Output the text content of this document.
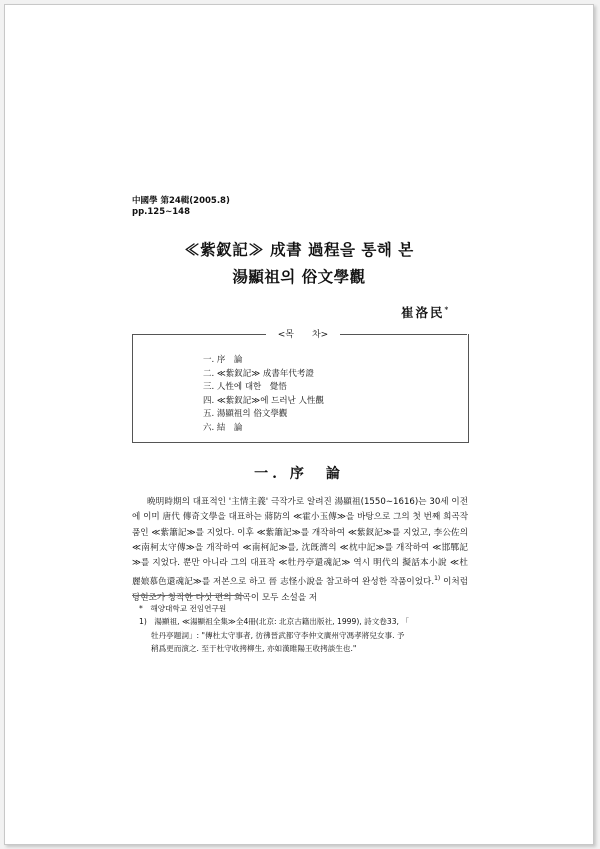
中國學 第24輯(2005.8)
pp.125∼148
≪紫釵記≫ 成書 過程을 통해 본
湯顯祖의 俗文學觀
崔洛民*
<목　　차>
一. 序　論
二. ≪紫釵記≫ 成書年代考證
三. 人性에 대한　覺悟
四. ≪紫釵記≫에 드러난 人性觀
五. 湯顯祖의 俗文學觀
六. 結　論
一. 序　論

晩明時期의 대표적인 '主情主義' 극작가로 알려진 湯顯祖(1550∼1616)는 30세 이전에 이미 唐代 傳奇文學을 대표하는 蔣防의 ≪霍小玉傳≫을 바탕으로 그의 첫 번째 희곡작품인 ≪紫簫記≫를 지었다. 이후 ≪紫簫記≫를 개작하여 ≪紫釵記≫를 지었고, 李公佐의 ≪南柯太守傳≫을 개작하여 ≪南柯記≫를, 沈旣濟의 ≪枕中記≫를 개작하여 ≪邯鄲記≫를 지었다. 뿐만 아니라 그의 대표작 ≪牡丹亭還魂記≫ 역시 明代의 擬話本小說 ≪杜麗娘慕色還魂記≫를 저본으로 하고 晉 志怪小說을 참고하여 완성한 작품이었다.$^{1)}$ 이처럼 탕현조가 창작한 다섯 편의 희곡이 모두 소설을 저

*　해양대학교 전임연구원

1)　湯顯祖, ≪湯顯祖全集≫全4冊(北京: 北京古籍出版社, 1999), 詩文卷33, 「

牡丹亭題詞」: "傳杜太守事者, 彷彿晉武都守李仲文廣州守馮孝將兒女事. 予

稍爲更而演之. 至于杜守收拷柳生, 亦如漢睢陽王收拷談生也."
